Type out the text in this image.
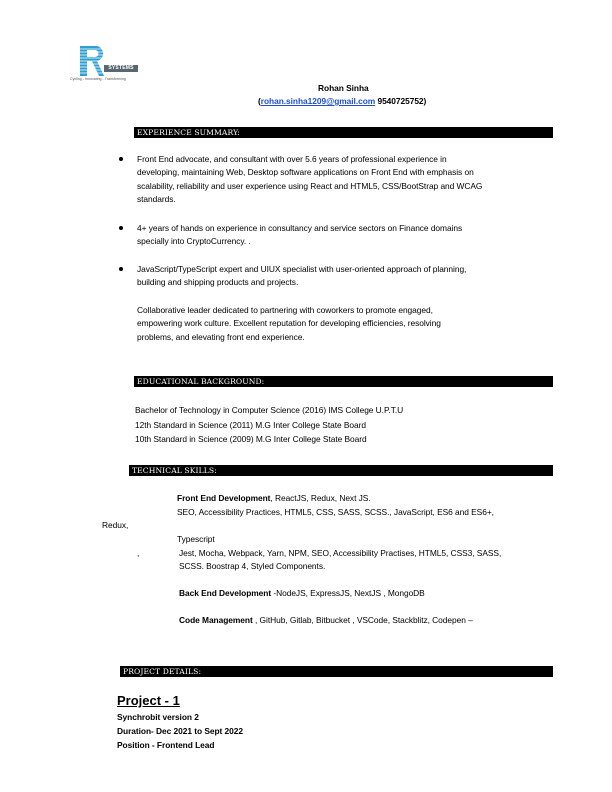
SYSTEMS
Cycling - Innovating - Transforming
Rohan Sinha
(rohan.sinha1209@gmail.com 9540725752)
EXPERIENCE SUMMARY:
Front End advocate, and consultant with over 5.6 years of professional experience in
developing, maintaining Web, Desktop software applications on Front End with emphasis on
scalability, reliability and user experience using React and HTML5, CSS/BootStrap and WCAG
standards.
4+ years of hands on experience in consultancy and service sectors on Finance domains
specially into CryptoCurrency. .
JavaScript/TypeScript expert and UIUX specialist with user-oriented approach of planning,
building and shipping products and projects.
Collaborative leader dedicated to partnering with coworkers to promote engaged,
empowering work culture. Excellent reputation for developing efficiencies, resolving
problems, and elevating front end experience.
EDUCATIONAL BACKGROUND:
Bachelor of Technology in Computer Science (2016) IMS College U.P.T.U
12th Standard in Science (2011) M.G Inter College State Board
10th Standard in Science (2009) M.G Inter College State Board
TECHNICAL SKILLS:
Front End Development, ReactJS, Redux, Next JS.
SEO, Accessibility Practices, HTML5, CSS, SASS, SCSS., JavaScript, ES6 and ES6+,
Redux,
Typescript
,	Jest, Mocha, Webpack, Yarn, NPM, SEO, Accessibility Practises, HTML5, CSS3, SASS,
SCSS. Boostrap 4, Styled Components.
Back End Development -NodeJS, ExpressJS, NextJS , MongoDB
Code Management , GitHub, Gitlab, Bitbucket , VSCode, Stackblitz, Codepen –
PROJECT DETAILS:
Project - 1
Synchrobit version 2
Duration- Dec 2021 to Sept 2022
Position - Frontend Lead
